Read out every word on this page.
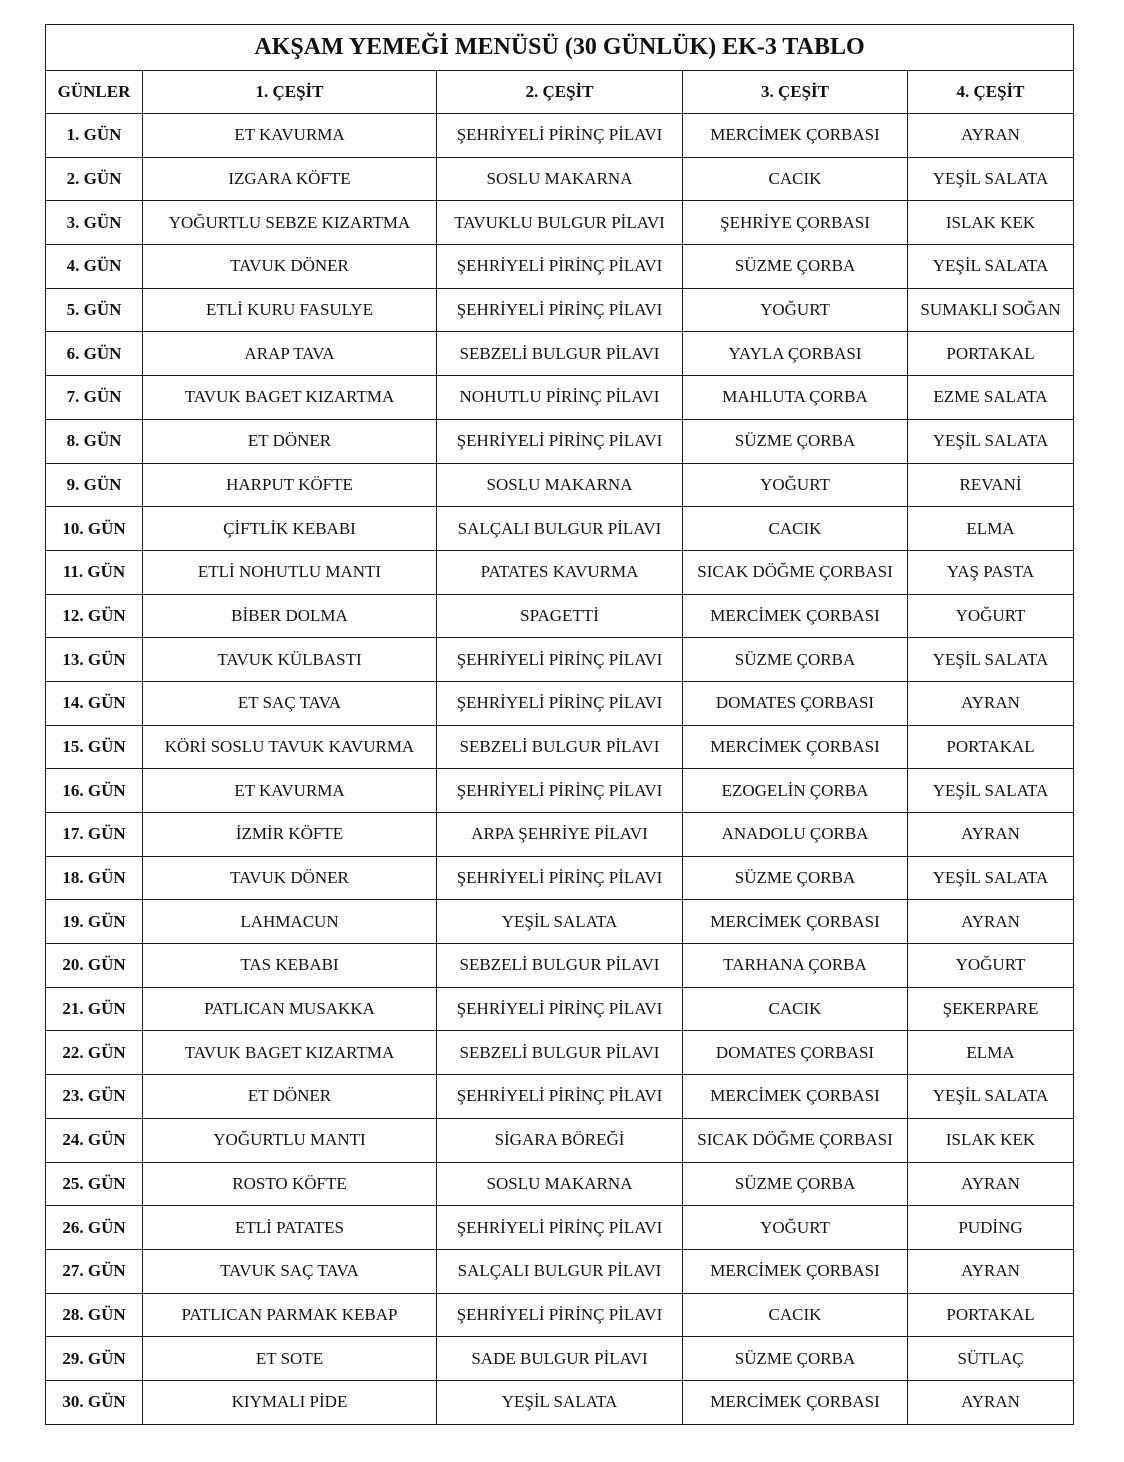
AKŞAM YEMEĞİ MENÜSÜ (30 GÜNLÜK) EK-3 TABLO				
GÜNLER	1. ÇEŞİT	2. ÇEŞİT	3. ÇEŞİT	4. ÇEŞİT
1. GÜN	ET KAVURMA	ŞEHRİYELİ PİRİNÇ PİLAVI	MERCİMEK ÇORBASI	AYRAN
2. GÜN	IZGARA KÖFTE	SOSLU MAKARNA	CACIK	YEŞİL SALATA
3. GÜN	YOĞURTLU SEBZE KIZARTMA	TAVUKLU BULGUR PİLAVI	ŞEHRİYE ÇORBASI	ISLAK KEK
4. GÜN	TAVUK DÖNER	ŞEHRİYELİ PİRİNÇ PİLAVI	SÜZME ÇORBA	YEŞİL SALATA
5. GÜN	ETLİ KURU FASULYE	ŞEHRİYELİ PİRİNÇ PİLAVI	YOĞURT	SUMAKLI SOĞAN
6. GÜN	ARAP TAVA	SEBZELİ BULGUR PİLAVI	YAYLA ÇORBASI	PORTAKAL
7. GÜN	TAVUK BAGET KIZARTMA	NOHUTLU PİRİNÇ PİLAVI	MAHLUTA ÇORBA	EZME SALATA
8. GÜN	ET DÖNER	ŞEHRİYELİ PİRİNÇ PİLAVI	SÜZME ÇORBA	YEŞİL SALATA
9. GÜN	HARPUT KÖFTE	SOSLU MAKARNA	YOĞURT	REVANİ
10. GÜN	ÇİFTLİK KEBABI	SALÇALI BULGUR PİLAVI	CACIK	ELMA
11. GÜN	ETLİ NOHUTLU MANTI	PATATES KAVURMA	SICAK DÖĞME ÇORBASI	YAŞ PASTA
12. GÜN	BİBER DOLMA	SPAGETTİ	MERCİMEK ÇORBASI	YOĞURT
13. GÜN	TAVUK KÜLBASTI	ŞEHRİYELİ PİRİNÇ PİLAVI	SÜZME ÇORBA	YEŞİL SALATA
14. GÜN	ET SAÇ TAVA	ŞEHRİYELİ PİRİNÇ PİLAVI	DOMATES ÇORBASI	AYRAN
15. GÜN	KÖRİ SOSLU TAVUK KAVURMA	SEBZELİ BULGUR PİLAVI	MERCİMEK ÇORBASI	PORTAKAL
16. GÜN	ET KAVURMA	ŞEHRİYELİ PİRİNÇ PİLAVI	EZOGELİN ÇORBA	YEŞİL SALATA
17. GÜN	İZMİR KÖFTE	ARPA ŞEHRİYE PİLAVI	ANADOLU ÇORBA	AYRAN
18. GÜN	TAVUK DÖNER	ŞEHRİYELİ PİRİNÇ PİLAVI	SÜZME ÇORBA	YEŞİL SALATA
19. GÜN	LAHMACUN	YEŞİL SALATA	MERCİMEK ÇORBASI	AYRAN
20. GÜN	TAS KEBABI	SEBZELİ BULGUR PİLAVI	TARHANA ÇORBA	YOĞURT
21. GÜN	PATLICAN MUSAKKA	ŞEHRİYELİ PİRİNÇ PİLAVI	CACIK	ŞEKERPARE
22. GÜN	TAVUK BAGET KIZARTMA	SEBZELİ BULGUR PİLAVI	DOMATES ÇORBASI	ELMA
23. GÜN	ET DÖNER	ŞEHRİYELİ PİRİNÇ PİLAVI	MERCİMEK ÇORBASI	YEŞİL SALATA
24. GÜN	YOĞURTLU MANTI	SİGARA BÖREĞİ	SICAK DÖĞME ÇORBASI	ISLAK KEK
25. GÜN	ROSTO KÖFTE	SOSLU MAKARNA	SÜZME ÇORBA	AYRAN
26. GÜN	ETLİ PATATES	ŞEHRİYELİ PİRİNÇ PİLAVI	YOĞURT	PUDİNG
27. GÜN	TAVUK SAÇ TAVA	SALÇALI BULGUR PİLAVI	MERCİMEK ÇORBASI	AYRAN
28. GÜN	PATLICAN PARMAK KEBAP	ŞEHRİYELİ PİRİNÇ PİLAVI	CACIK	PORTAKAL
29. GÜN	ET SOTE	SADE BULGUR PİLAVI	SÜZME ÇORBA	SÜTLAÇ
30. GÜN	KIYMALI PİDE	YEŞİL SALATA	MERCİMEK ÇORBASI	AYRAN
